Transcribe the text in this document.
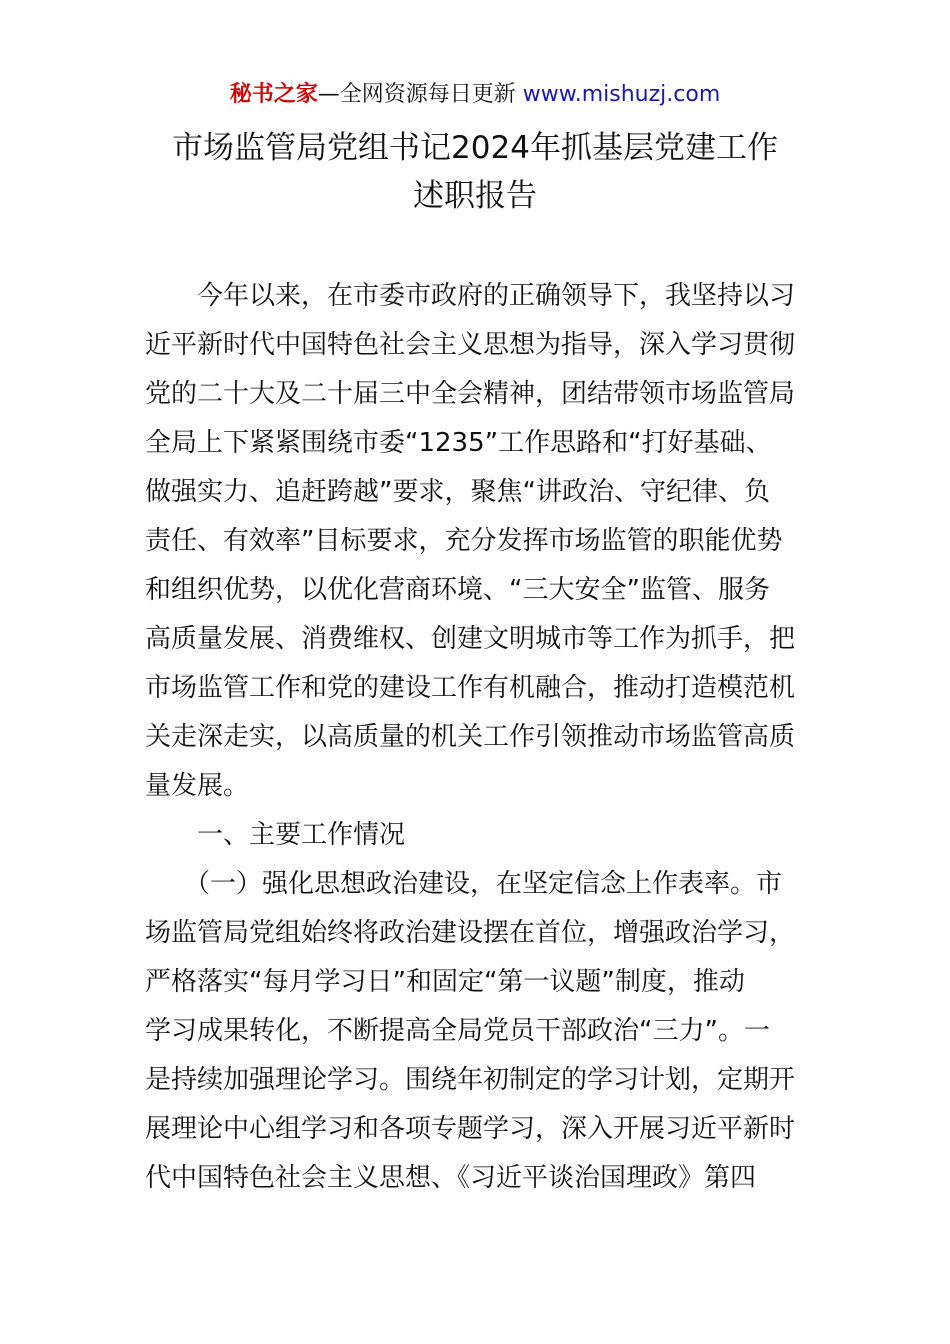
秘书之家—全网资源每日更新 www.mishuzj.com
市场监管局党组书记2024年抓基层党建工作
述职报告
　　今年以来，在市委市政府的正确领导下，我坚持以习
近平新时代中国特色社会主义思想为指导，深入学习贯彻
党的二十大及二十届三中全会精神，团结带领市场监管局
全局上下紧紧围绕市委“1235”工作思路和“打好基础、
做强实力、追赶跨越”要求，聚焦“讲政治、守纪律、负
责任、有效率”目标要求，充分发挥市场监管的职能优势
和组织优势，以优化营商环境、“三大安全”监管、服务
高质量发展、消费维权、创建文明城市等工作为抓手，把
市场监管工作和党的建设工作有机融合，推动打造模范机
关走深走实，以高质量的机关工作引领推动市场监管高质
量发展。
　　一、主要工作情况
　　（一）强化思想政治建设，在坚定信念上作表率。市
场监管局党组始终将政治建设摆在首位，增强政治学习，
严格落实“每月学习日”和固定“第一议题”制度，推动
学习成果转化，不断提高全局党员干部政治“三力”。一
是持续加强理论学习。围绕年初制定的学习计划，定期开
展理论中心组学习和各项专题学习，深入开展习近平新时
代中国特色社会主义思想、《习近平谈治国理政》第四
